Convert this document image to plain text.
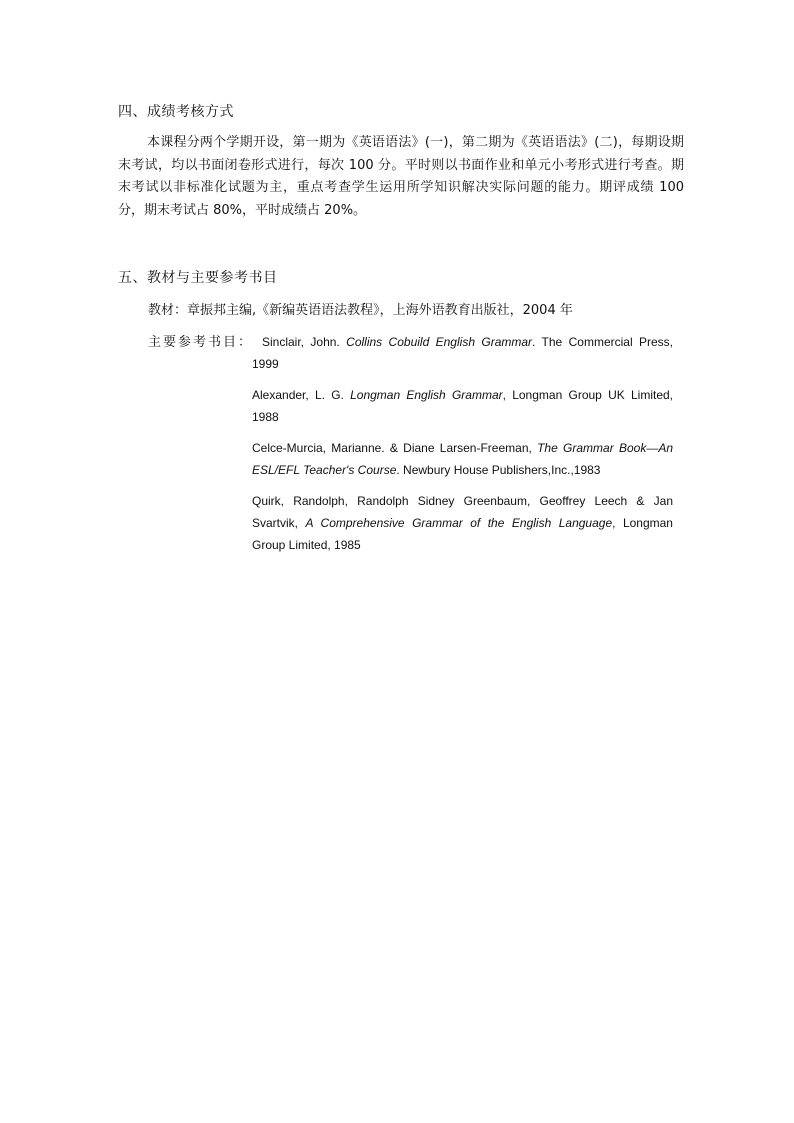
四、成绩考核方式

本课程分两个学期开设，第一期为《英语语法》(一)，第二期为《英语语法》(二)，每期设期末考试，均以书面闭卷形式进行，每次 100 分。平时则以书面作业和单元小考形式进行考查。期末考试以非标准化试题为主，重点考查学生运用所学知识解决实际问题的能力。期评成绩 100 分，期末考试占 80%，平时成绩占 20%。

五、教材与主要参考书目
教材：章振邦主编,《新编英语语法教程》，上海外语教育出版社，2004 年
主要参考书目： Sinclair, John. Collins Cobuild English Grammar. The Commercial Press, 1999

Alexander, L. G. Longman English Grammar, Longman Group UK Limited, 1988

Celce-Murcia, Marianne. & Diane Larsen-Freeman, The Grammar Book—An ESL/EFL Teacher's Course. Newbury House Publishers,Inc.,1983

Quirk, Randolph, Randolph Sidney Greenbaum, Geoffrey Leech & Jan Svartvik, A Comprehensive Grammar of the English Language, Longman Group Limited, 1985
